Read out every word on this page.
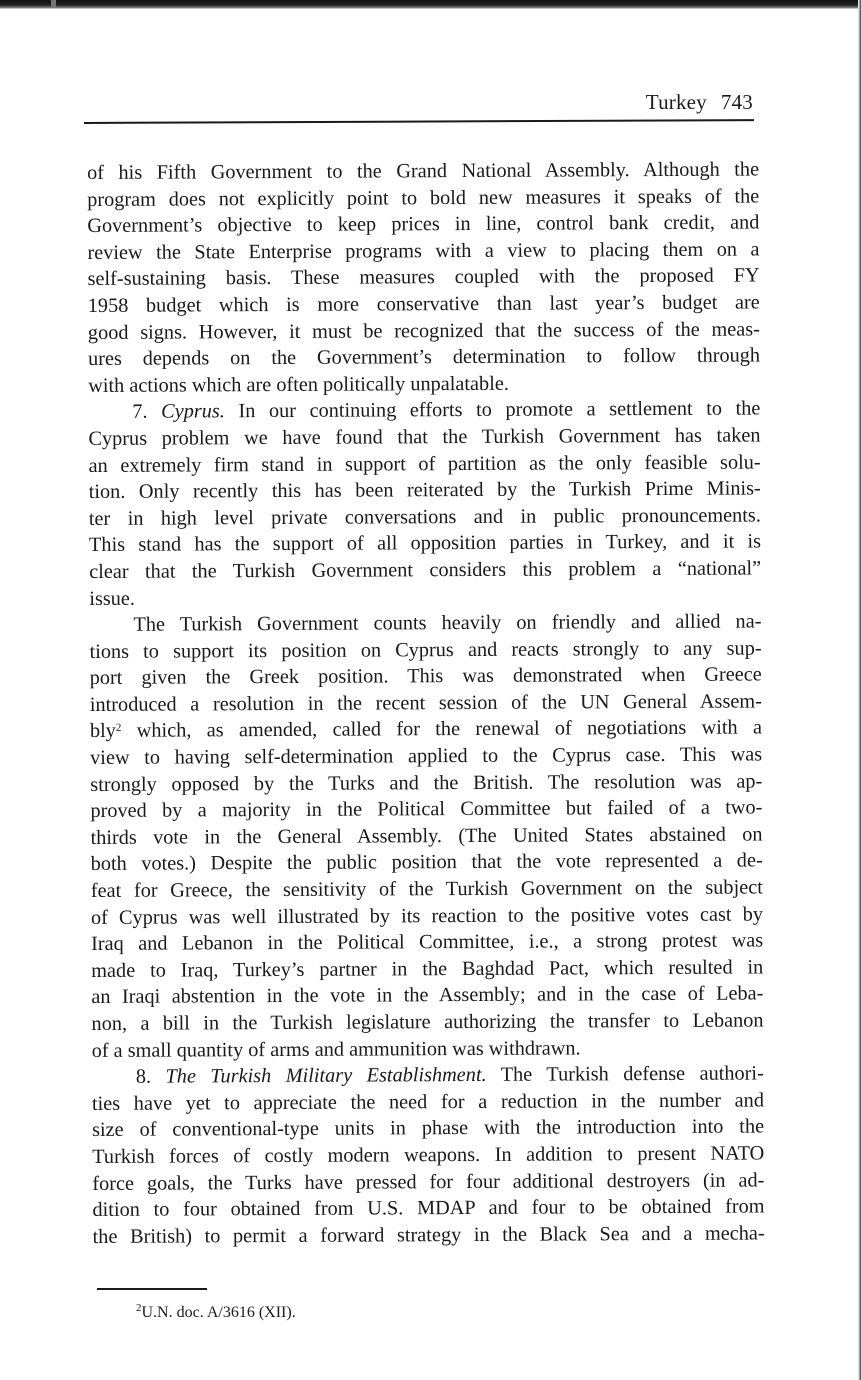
Turkey 743
of his Fifth Government to the Grand National Assembly. Although the
program does not explicitly point to bold new measures it speaks of the
Government’s objective to keep prices in line, control bank credit, and
review the State Enterprise programs with a view to placing them on a
self-sustaining basis. These measures coupled with the proposed FY
1958 budget which is more conservative than last year’s budget are
good signs. However, it must be recognized that the success of the meas-
ures depends on the Government’s determination to follow through
with actions which are often politically unpalatable.
7. Cyprus. In our continuing efforts to promote a settlement to the
Cyprus problem we have found that the Turkish Government has taken
an extremely firm stand in support of partition as the only feasible solu-
tion. Only recently this has been reiterated by the Turkish Prime Minis-
ter in high level private conversations and in public pronouncements.
This stand has the support of all opposition parties in Turkey, and it is
clear that the Turkish Government considers this problem a “national”
issue.
The Turkish Government counts heavily on friendly and allied na-
tions to support its position on Cyprus and reacts strongly to any sup-
port given the Greek position. This was demonstrated when Greece
introduced a resolution in the recent session of the UN General Assem-
bly$^2$ which, as amended, called for the renewal of negotiations with a
view to having self-determination applied to the Cyprus case. This was
strongly opposed by the Turks and the British. The resolution was ap-
proved by a majority in the Political Committee but failed of a two-
thirds vote in the General Assembly. (The United States abstained on
both votes.) Despite the public position that the vote represented a de-
feat for Greece, the sensitivity of the Turkish Government on the subject
of Cyprus was well illustrated by its reaction to the positive votes cast by
Iraq and Lebanon in the Political Committee, i.e., a strong protest was
made to Iraq, Turkey’s partner in the Baghdad Pact, which resulted in
an Iraqi abstention in the vote in the Assembly; and in the case of Leba-
non, a bill in the Turkish legislature authorizing the transfer to Lebanon
of a small quantity of arms and ammunition was withdrawn.
8. The Turkish Military Establishment. The Turkish defense authori-
ties have yet to appreciate the need for a reduction in the number and
size of conventional-type units in phase with the introduction into the
Turkish forces of costly modern weapons. In addition to present NATO
force goals, the Turks have pressed for four additional destroyers (in ad-
dition to four obtained from U.S. MDAP and four to be obtained from
the British) to permit a forward strategy in the Black Sea and a mecha-
$^2$U.N. doc. A/3616 (XII).
